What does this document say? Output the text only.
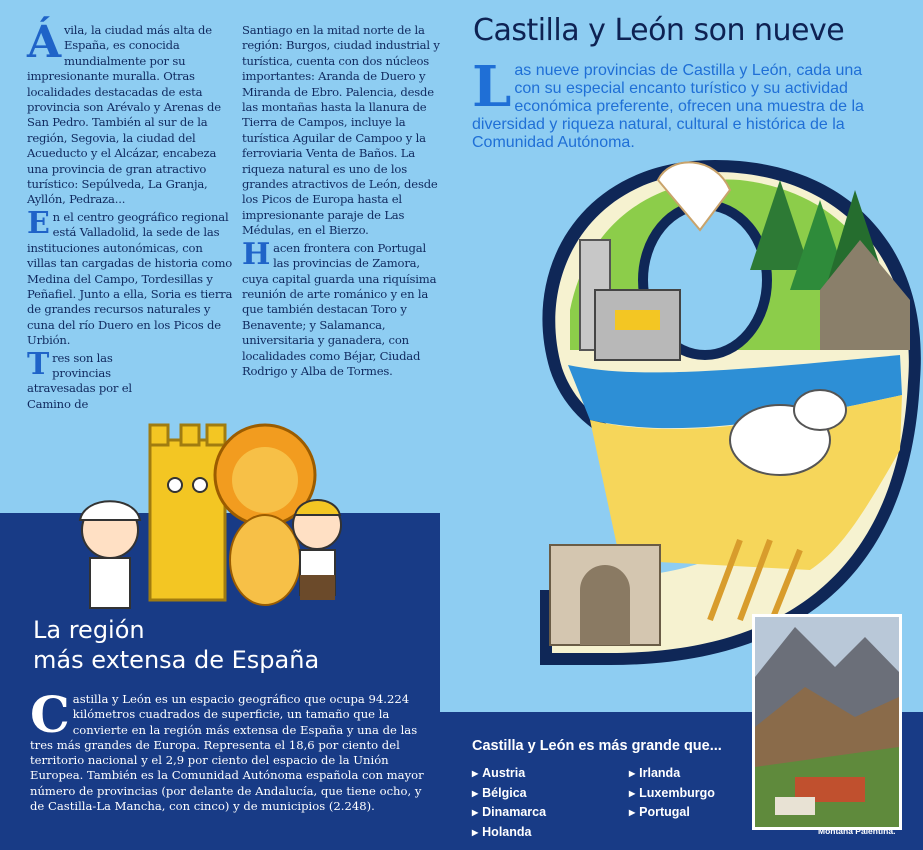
Ávila, la ciudad más alta de España, es conocida mundialmente por su impresionante muralla. Otras localidades destacadas de esta provincia son Arévalo y Arenas de San Pedro. También al sur de la región, Segovia, la ciudad del Acueducto y el Alcázar, encabeza una provincia de gran atractivo turístico: Sepúlveda, La Granja, Ayllón, Pedraza...

En el centro geográfico regional está Valladolid, la sede de las instituciones autonómicas, con villas tan cargadas de historia como Medina del Campo, Tordesillas y Peñafiel. Junto a ella, Soria es tierra de grandes recursos naturales y cuna del río Duero en los Picos de Urbión.

Tres son las provincias atravesadas por el Camino de

Santiago en la mitad norte de la región: Burgos, ciudad industrial y turística, cuenta con dos núcleos importantes: Aranda de Duero y Miranda de Ebro. Palencia, desde las montañas hasta la llanura de Tierra de Campos, incluye la turística Aguilar de Campoo y la ferroviaria Venta de Baños. La riqueza natural es uno de los grandes atractivos de León, desde los Picos de Europa hasta el impresionante paraje de Las Médulas, en el Bierzo.

Hacen frontera con Portugal las provincias de Zamora, cuya capital guarda una riquísima reunión de arte románico y en la que también destacan Toro y Benavente; y Salamanca, universitaria y ganadera, con localidades como Béjar, Ciudad Rodrigo y Alba de Tormes.

Castilla y León son nueve
Las nueve provincias de Castilla y León, cada una con su especial encanto turístico y su actividad económica preferente, ofrecen una muestra de la diversidad y riqueza natural, cultural e histórica de la Comunidad Autónoma.
La región
más extensa de España
Castilla y León es un espacio geográfico que ocupa 94.224 kilómetros cuadrados de superficie, un tamaño que la convierte en la región más extensa de España y una de las tres más grandes de Europa. Representa el 18,6 por ciento del territorio nacional y el 2,9 por ciento del espacio de la Unión Europea. También es la Comunidad Autónoma española con mayor número de provincias (por delante de Andalucía, que tiene ocho, y de Castilla-La Mancha, con cinco) y de municipios (2.248).
Castilla y León es más grande que...
▶ Austria
▶ Bélgica
▶ Dinamarca
▶ Holanda
▶ Irlanda
▶ Luxemburgo
▶ Portugal
Montaña Palentina.
